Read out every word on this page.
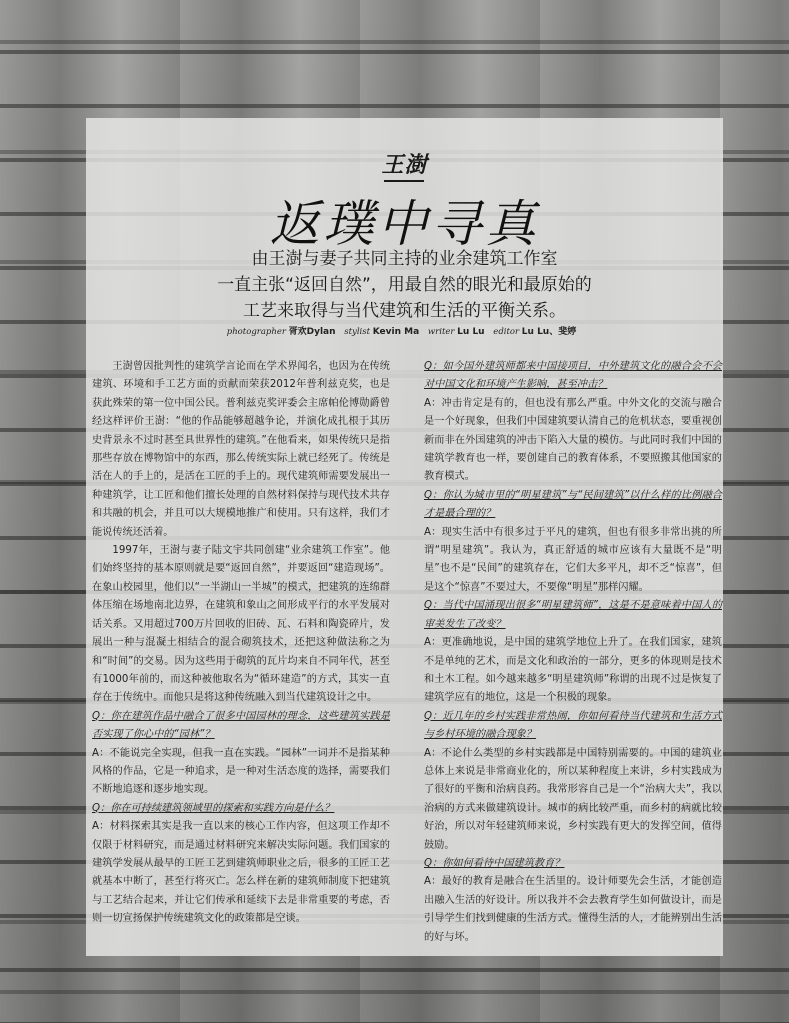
王澍
返璞中寻真
由王澍与妻子共同主持的业余建筑工作室
一直主张“返回自然”，用最自然的眼光和最原始的
工艺来取得与当代建筑和生活的平衡关系。
photographer 胥欢Dylan stylist Kevin Ma writer Lu Lu editor Lu Lu、斐婷

王澍曾因批判性的建筑学言论而在学术界闻名，也因为在传统建筑、环境和手工艺方面的贡献而荣获2012年普利兹克奖，也是获此殊荣的第一位中国公民。普利兹克奖评委会主席帕伦博勋爵曾经这样评价王澍：“他的作品能够超越争论，并演化成扎根于其历史背景永不过时甚至具世界性的建筑。”在他看来，如果传统只是指那些存放在博物馆中的东西，那么传统实际上就已经死了。传统是活在人的手上的，是活在工匠的手上的。现代建筑师需要发展出一种建筑学，让工匠和他们擅长处理的自然材料保持与现代技术共存和共融的机会，并且可以大规模地推广和使用。只有这样，我们才能说传统还活着。

1997年，王澍与妻子陆文宇共同创建“业余建筑工作室”。他们始终坚持的基本原则就是要“返回自然”，并要返回“建造现场”。在象山校园里，他们以“一半湖山一半城”的模式，把建筑的连绵群体压缩在场地南北边界，在建筑和象山之间形成平行的水平发展对话关系。又用超过700万片回收的旧砖、瓦、石料和陶瓷碎片，发展出一种与混凝土相结合的混合砌筑技术，还把这种做法称之为和“时间”的交易。因为这些用于砌筑的瓦片均来自不同年代，甚至有1000年前的，而这种被他取名为“循环建造”的方式，其实一直存在于传统中。而他只是将这种传统融入到当代建筑设计之中。

Q：你在建筑作品中融合了很多中国园林的理念，这些建筑实践是否实现了你心中的“园林”？

A：不能说完全实现，但我一直在实践。“园林”一词并不是指某种风格的作品，它是一种追求，是一种对生活态度的选择，需要我们不断地追逐和逐步地实现。

Q：你在可持续建筑领域里的探索和实践方向是什么？

A：材料探索其实是我一直以来的核心工作内容，但这项工作却不仅限于材料研究，而是通过材料研究来解决实际问题。我们国家的建筑学发展从最早的工匠工艺到建筑师职业之后，很多的工匠工艺就基本中断了，甚至行将灭亡。怎么样在新的建筑师制度下把建筑与工艺结合起来，并让它们传承和延续下去是非常重要的考虑，否则一切宣扬保护传统建筑文化的政策都是空谈。

Q：如今国外建筑师都来中国接项目，中外建筑文化的融合会不会对中国文化和环境产生影响，甚至冲击？

A：冲击肯定是有的，但也没有那么严重。中外文化的交流与融合是一个好现象，但我们中国建筑要认清自己的危机状态，要重视创新而非在外国建筑的冲击下陷入大量的模仿。与此同时我们中国的建筑学教育也一样，要创建自己的教育体系，不要照搬其他国家的教育模式。

Q：你认为城市里的“明星建筑”与“民间建筑”以什么样的比例融合才是最合理的？

A：现实生活中有很多过于平凡的建筑，但也有很多非常出挑的所谓“明星建筑”。我认为，真正舒适的城市应该有大量既不是“明星”也不是“民间”的建筑存在，它们大多平凡，却不乏“惊喜”，但是这个“惊喜”不要过大，不要像“明星”那样闪耀。

Q：当代中国涌现出很多“明星建筑师”，这是不是意味着中国人的审美发生了改变？

A：更准确地说，是中国的建筑学地位上升了。在我们国家，建筑不是单纯的艺术，而是文化和政治的一部分，更多的体现则是技术和土木工程。如今越来越多“明星建筑师”称谓的出现不过是恢复了建筑学应有的地位，这是一个积极的现象。

Q：近几年的乡村实践非常热闹，你如何看待当代建筑和生活方式与乡村环境的融合现象？

A：不论什么类型的乡村实践都是中国特别需要的。中国的建筑业总体上来说是非常商业化的，所以某种程度上来讲，乡村实践成为了很好的平衡和治病良药。我常形容自己是一个“治病大夫”，我以治病的方式来做建筑设计。城市的病比较严重，而乡村的病就比较好治，所以对年轻建筑师来说，乡村实践有更大的发挥空间，值得鼓励。

Q：你如何看待中国建筑教育？

A：最好的教育是融合在生活里的。设计师要先会生活，才能创造出融入生活的好设计。所以我并不会去教育学生如何做设计，而是引导学生们找到健康的生活方式。懂得生活的人，才能辨别出生活的好与坏。
